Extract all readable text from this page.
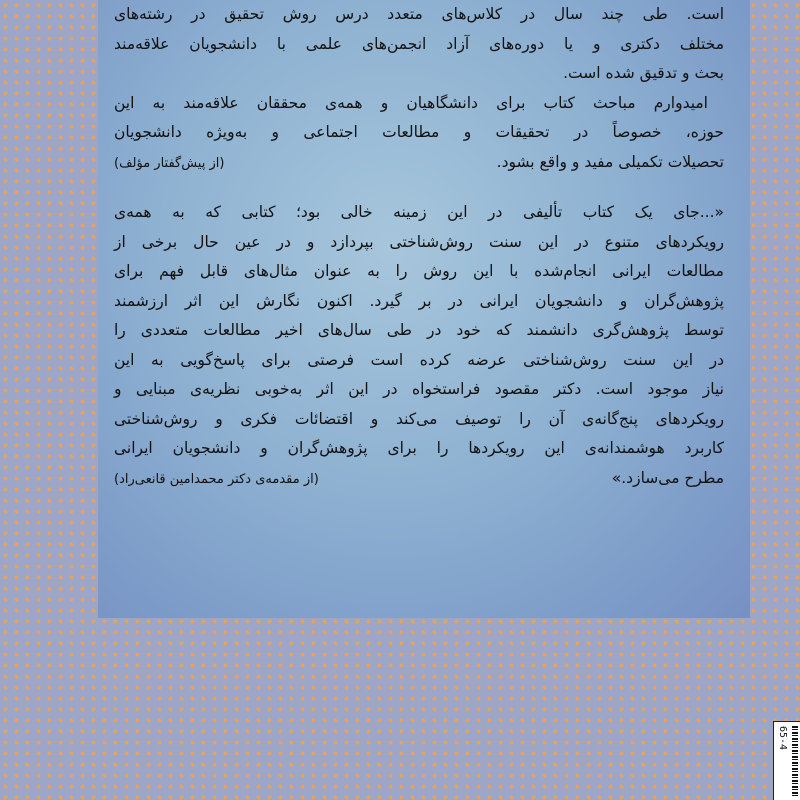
است. طی چند سال در کلاس‌های متعدد درس روش تحقیق در رشته‌های
مختلف دکتری و یا دوره‌های آزاد انجمن‌های علمی با دانشجویان علاقه‌مند
بحث و تدقیق شده است.
امیدوارم مباحث کتاب برای دانشگاهیان و همه‌ی محققان علاقه‌مند به این
حوزه، خصوصاً در تحقیقات و مطالعات اجتماعی و به‌ویژه دانشجویان
تحصیلات تکمیلی مفید و واقع بشود.
(از پیش‌گفتار مؤلف)
«...جای یک کتاب تألیفی در این زمینه خالی بود؛ کتابی که به همه‌ی
رویکردهای متنوع در این سنت روش‌شناختی بپردازد و در عین حال برخی از
مطالعات ایرانی انجام‌شده با این روش را به عنوان مثال‌های قابل فهم برای
پژوهش‌گران و دانشجویان ایرانی در بر گیرد. اکنون نگارش این اثر ارزشمند
توسط پژوهش‌گری دانشمند که خود در طی سال‌های اخیر مطالعات متعددی را
در این سنت روش‌شناختی عرضه کرده است فرصتی برای پاسخ‌گویی به این
نیاز موجود است. دکتر مقصود فراستخواه در این اثر به‌خوبی نظریه‌ی مبنایی و
رویکردهای پنج‌گانه‌ی آن را توصیف می‌کند و اقتضائات فکری و روش‌شناختی
کاربرد هوشمندانه‌ی این رویکردها را برای پژوهش‌گران و دانشجویان ایرانی
مطرح می‌سازد.»
(از مقدمه‌ی دکتر محمدامین قانعی‌راد)
65-4
